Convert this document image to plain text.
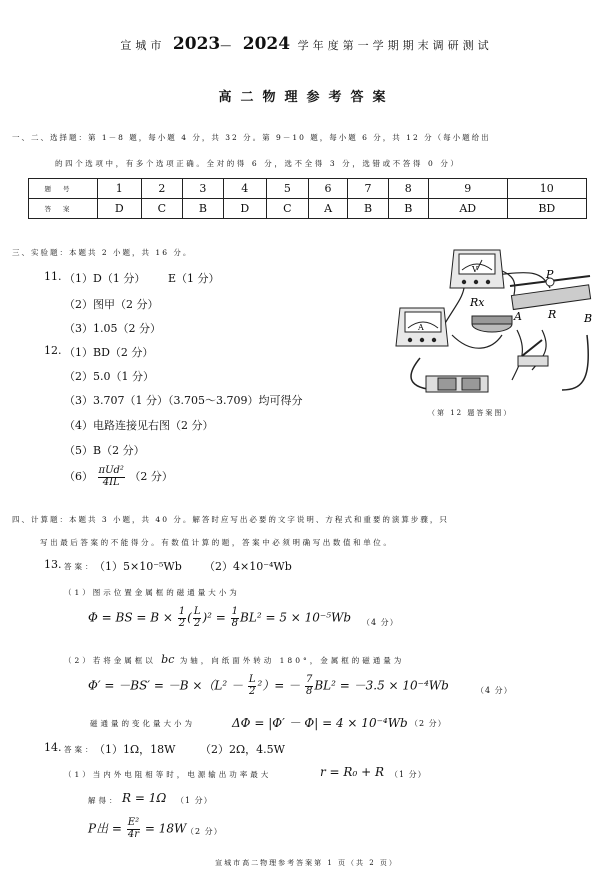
宣城市 2023— 2024 学年度第一学期期末调研测试
高二物理参考答案
一、二、选择题：第 1－8 题，每小题 4 分，共 32 分。第 9－10 题，每小题 6 分，共 12 分（每小题给出
的四个选项中，有多个选项正确。全对的得 6 分，选不全得 3 分，选错或不答得 0 分）
题号	1	2	3	4	5	6	7	8	9	10
答案	D	C	B	D	C	A	B	B	AD	BD
三、实验题：本题共 2 小题，共 16 分。
11. （1）D（1 分） E（1 分）
（2）图甲（2 分）
（3）1.05（2 分）
12. （1）BD（2 分）
（2）5.0（1 分）
（3）3.707（1 分）（3.705～3.709）均可得分
（4）电路连接见右图（2 分）
（5）B（2 分）
$(6) \frac{\text{πUd²}}{4IL} (2$ 分）
V
Rx
A
P
A R	B
（第 12 题答案图）
四、计算题：本题共 3 小题，共 40 分。解答时应写出必要的文字说明、方程式和重要的演算步骤，只
写出最后答案的不能得分。有数值计算的题，答案中必须明确写出数值和单位。
13. 答案：
（1）5×10⁻⁵Wb （2）4×10⁻⁴Wb
（1）图示位置金属框的磁通量大小为
Φ = BS = $B \times \frac{1}{2}$ ( $\frac{L}{2} )^2 = \frac{1}{8} BL^2 = 5 \times 10^{-5}Wb$ （4 分）
（2）若将金属框以 bc 为轴，向纸面外转动 180°，金属框的磁通量为
$\Phi' = -BS' = -B \times(L^2 - \frac{L}{2} ^2)= - \frac{7}{8} BL^2 = -3.5 \times 10^{-4}Wb$	（4 分）
磁通量的变化量大小为	ΔΦ = |Φ′ － Φ| = 4 × 10⁻⁴Wb （2 分）
14. 答案：
（1）1Ω，18W （2）2Ω，4.5W
（1）当内外电阻相等时，电源输出功率最大	r = R₀ + R （1 分）
解得： R = 1Ω （1 分）
P出 = $\frac{\text{E²}}{4r} = 18W$ （2 分）
宣城市高二物理参考答案第 1 页（共 2 页）
